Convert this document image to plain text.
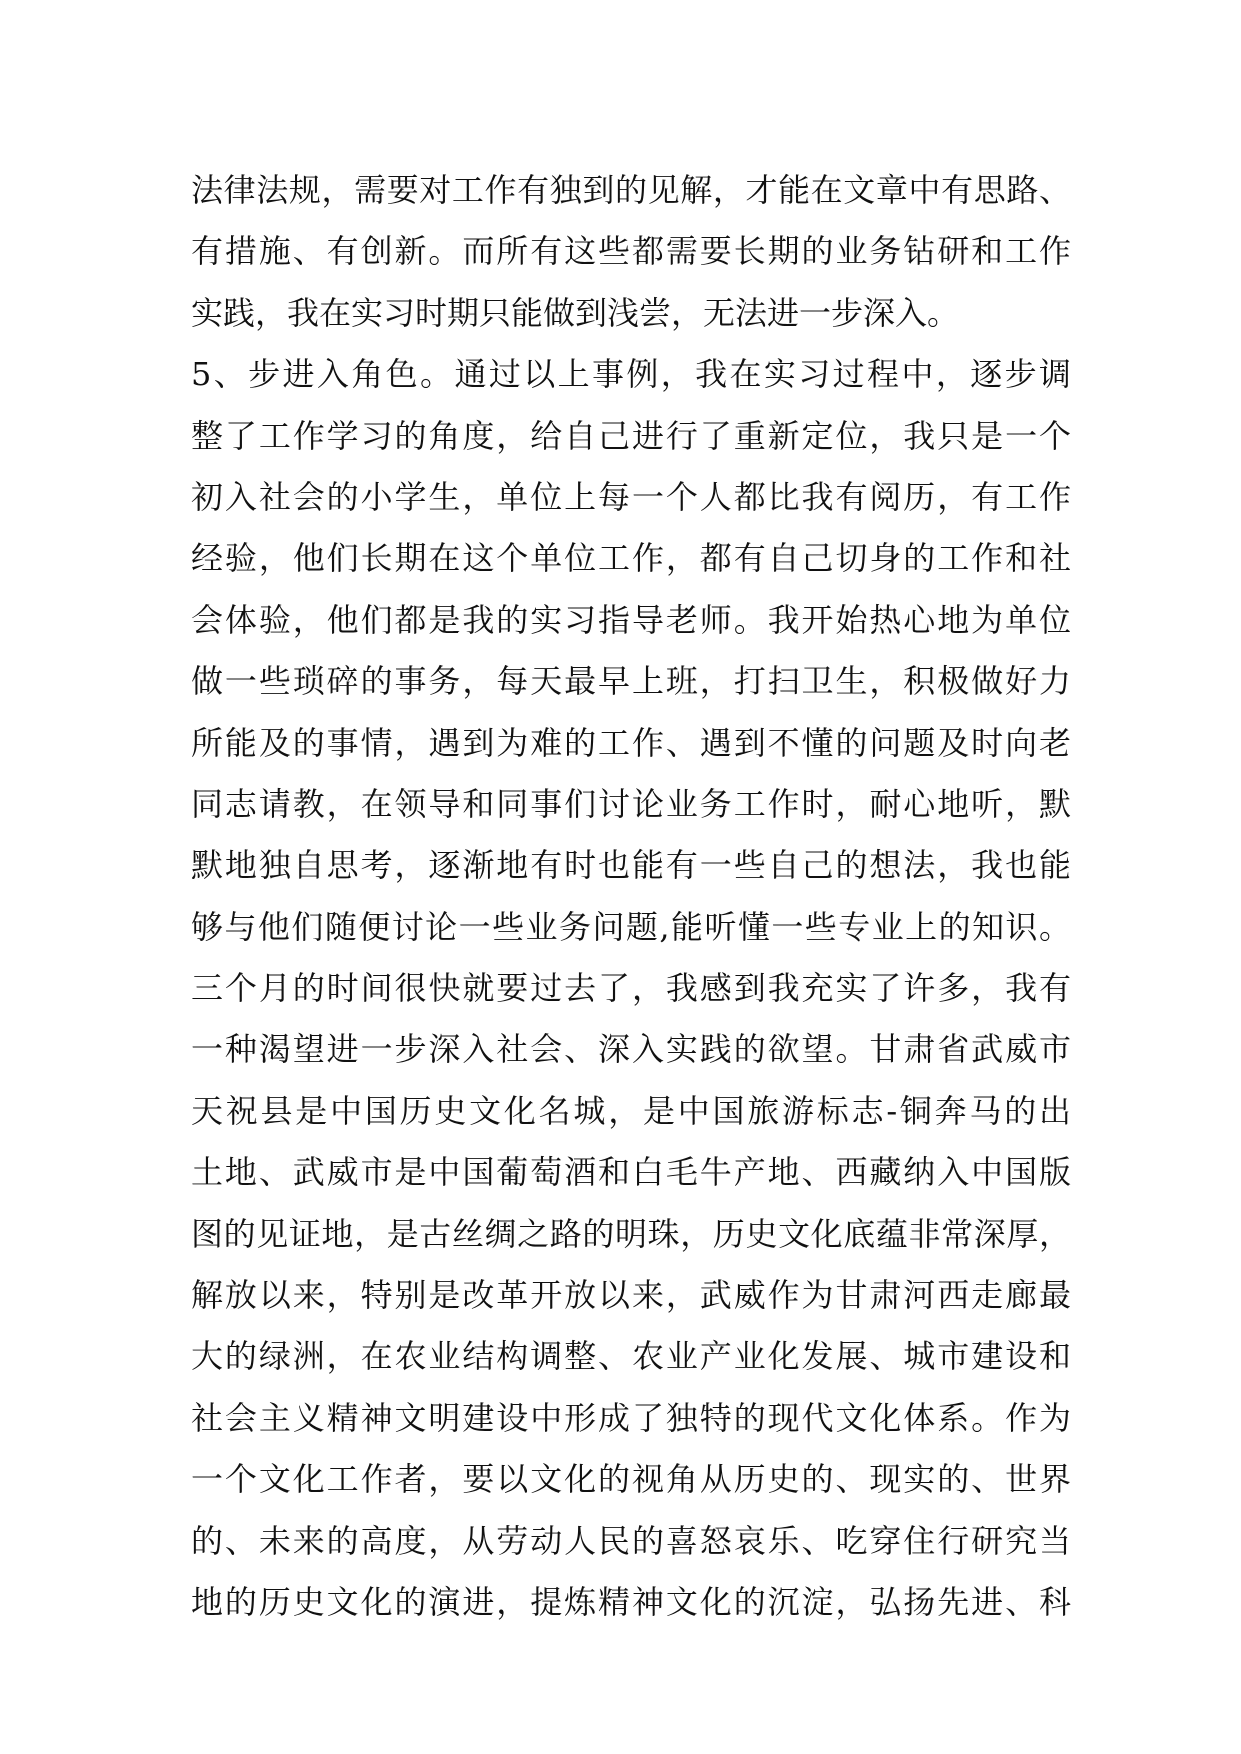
法律法规，需要对工作有独到的见解，才能在文章中有思路、
有措施、有创新。而所有这些都需要长期的业务钻研和工作
实践，我在实习时期只能做到浅尝，无法进一步深入。
5、步进入角色。通过以上事例，我在实习过程中，逐步调
整了工作学习的角度，给自己进行了重新定位，我只是一个
初入社会的小学生，单位上每一个人都比我有阅历，有工作
经验，他们长期在这个单位工作，都有自己切身的工作和社
会体验，他们都是我的实习指导老师。我开始热心地为单位
做一些琐碎的事务，每天最早上班，打扫卫生，积极做好力
所能及的事情，遇到为难的工作、遇到不懂的问题及时向老
同志请教，在领导和同事们讨论业务工作时，耐心地听，默
默地独自思考，逐渐地有时也能有一些自己的想法，我也能
够与他们随便讨论一些业务问题,能听懂一些专业上的知识。
三个月的时间很快就要过去了，我感到我充实了许多，我有
一种渴望进一步深入社会、深入实践的欲望。甘肃省武威市
天祝县是中国历史文化名城，是中国旅游标志-铜奔马的出
土地、武威市是中国葡萄酒和白毛牛产地、西藏纳入中国版
图的见证地，是古丝绸之路的明珠，历史文化底蕴非常深厚，
解放以来，特别是改革开放以来，武威作为甘肃河西走廊最
大的绿洲，在农业结构调整、农业产业化发展、城市建设和
社会主义精神文明建设中形成了独特的现代文化体系。作为
一个文化工作者，要以文化的视角从历史的、现实的、世界
的、未来的高度，从劳动人民的喜怒哀乐、吃穿住行研究当
地的历史文化的演进，提炼精神文化的沉淀，弘扬先进、科
